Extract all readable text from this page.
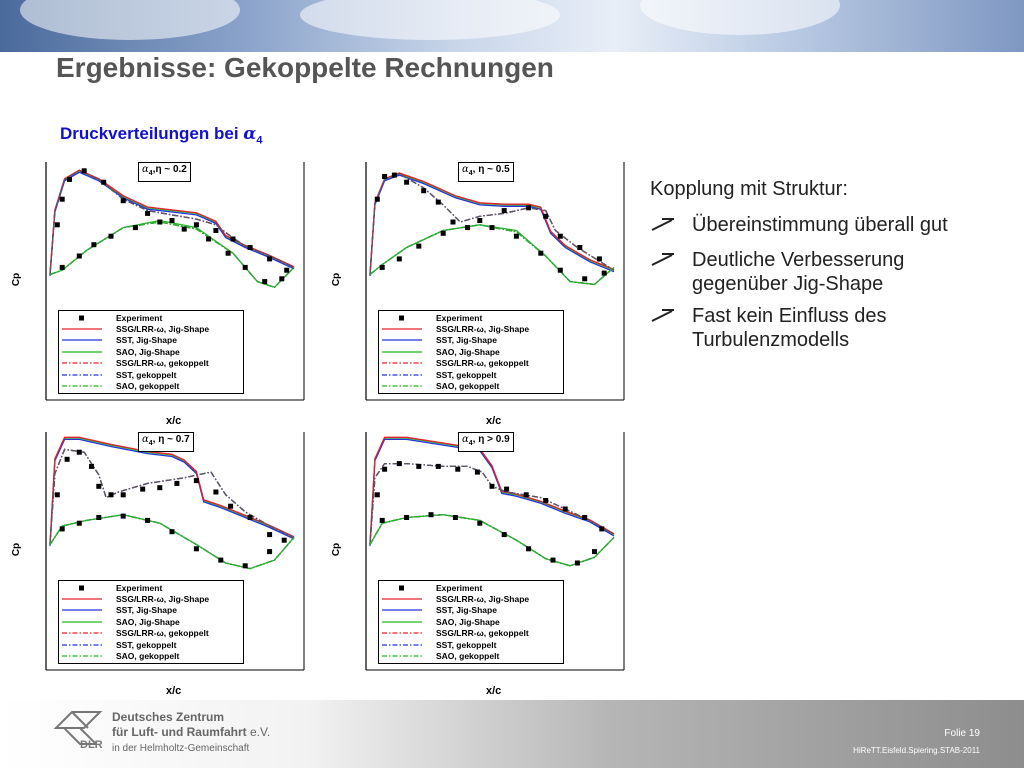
Ergebnisse: Gekoppelte Rechnungen
Druckverteilungen bei $\alpha_4$
$\alpha_4,\eta$ ~ 0.2
Cp
x/c
Experiment
SSG/LRR-ω, Jig-Shape
SST, Jig-Shape
SAO, Jig-Shape
SSG/LRR-ω, gekoppelt
SST, gekoppelt
SAO, gekoppelt
$\alpha_4$, η ~ 0.5
Cp
x/c
Experiment
SSG/LRR-ω, Jig-Shape
SST, Jig-Shape
SAO, Jig-Shape
SSG/LRR-ω, gekoppelt
SST, gekoppelt
SAO, gekoppelt
$\alpha_4$, η ~ 0.7
Cp
x/c
Experiment
SSG/LRR-ω, Jig-Shape
SST, Jig-Shape
SAO, Jig-Shape
SSG/LRR-ω, gekoppelt
SST, gekoppelt
SAO, gekoppelt
$\alpha_4$, η > 0.9
Cp
x/c
Experiment
SSG/LRR-ω, Jig-Shape
SST, Jig-Shape
SAO, Jig-Shape
SSG/LRR-ω, gekoppelt
SST, gekoppelt
SAO, gekoppelt
Kopplung mit Struktur:
Übereinstimmung überall gut
Deutliche Verbesserung gegenüber Jig-Shape
Fast kein Einfluss des Turbulenzmodells
DLR
Deutsches Zentrum
für Luft- und Raumfahrt e.V.
in der Helmholtz-Gemeinschaft
Folie 19
HiReTT.Eisfeld.Spiering.STAB-2011
